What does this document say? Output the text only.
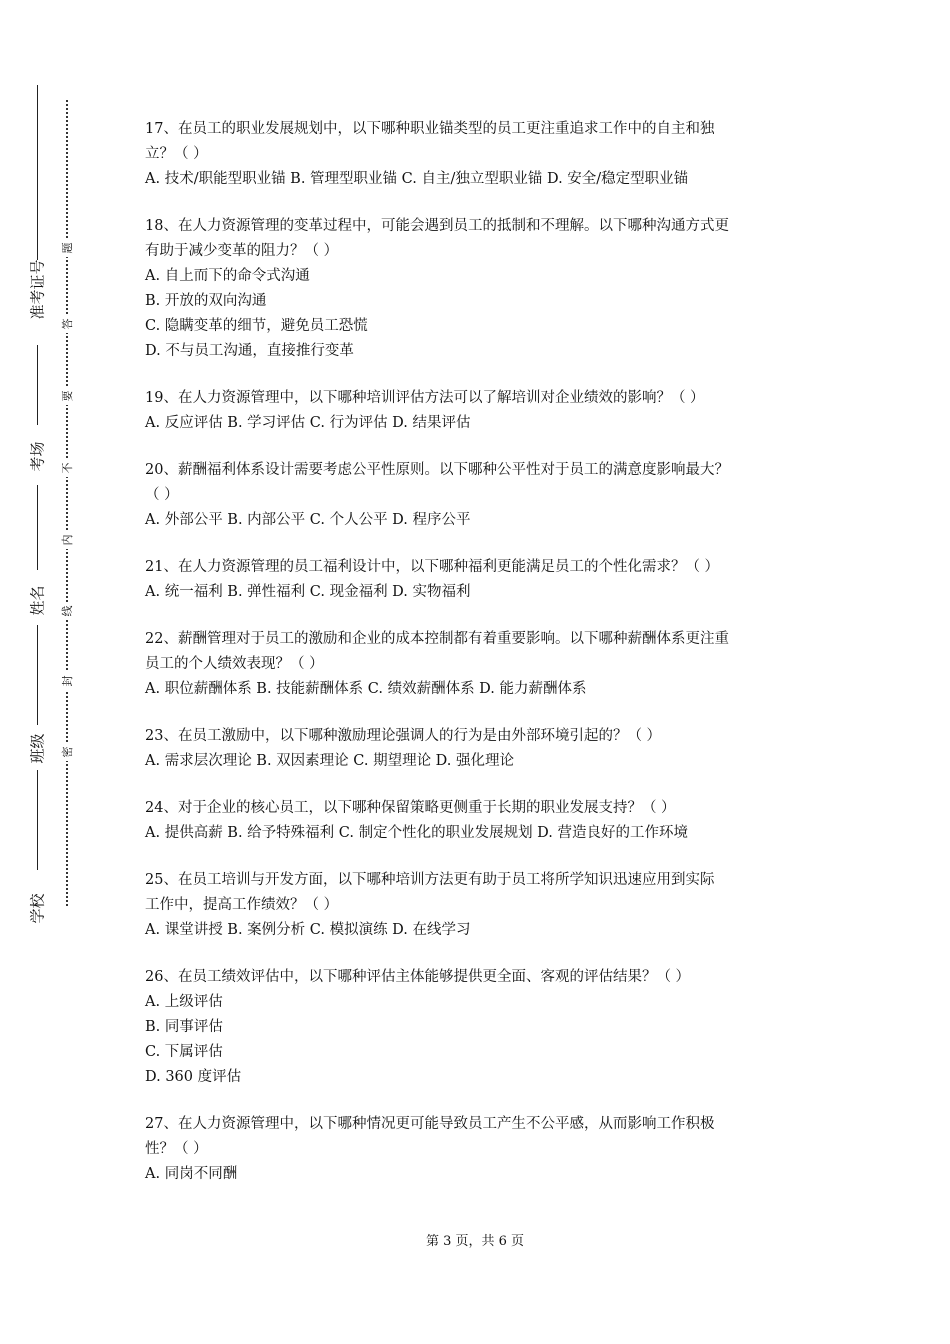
准考证号
考场
姓名
班级
学校
题
答
要
不
内
线
封
密
17、在员工的职业发展规划中，以下哪种职业锚类型的员工更注重追求工作中的自主和独
立？（ ）
A. 技术/职能型职业锚 B. 管理型职业锚 C. 自主/独立型职业锚 D. 安全/稳定型职业锚
18、在人力资源管理的变革过程中，可能会遇到员工的抵制和不理解。以下哪种沟通方式更
有助于减少变革的阻力？（ ）
A. 自上而下的命令式沟通
B. 开放的双向沟通
C. 隐瞒变革的细节，避免员工恐慌
D. 不与员工沟通，直接推行变革
19、在人力资源管理中，以下哪种培训评估方法可以了解培训对企业绩效的影响？（ ）
A. 反应评估 B. 学习评估 C. 行为评估 D. 结果评估
20、薪酬福利体系设计需要考虑公平性原则。以下哪种公平性对于员工的满意度影响最大？
（ ）
A. 外部公平 B. 内部公平 C. 个人公平 D. 程序公平
21、在人力资源管理的员工福利设计中，以下哪种福利更能满足员工的个性化需求？（ ）
A. 统一福利 B. 弹性福利 C. 现金福利 D. 实物福利
22、薪酬管理对于员工的激励和企业的成本控制都有着重要影响。以下哪种薪酬体系更注重
员工的个人绩效表现？（ ）
A. 职位薪酬体系 B. 技能薪酬体系 C. 绩效薪酬体系 D. 能力薪酬体系
23、在员工激励中，以下哪种激励理论强调人的行为是由外部环境引起的？（ ）
A. 需求层次理论 B. 双因素理论 C. 期望理论 D. 强化理论
24、对于企业的核心员工，以下哪种保留策略更侧重于长期的职业发展支持？（ ）
A. 提供高薪 B. 给予特殊福利 C. 制定个性化的职业发展规划 D. 营造良好的工作环境
25、在员工培训与开发方面，以下哪种培训方法更有助于员工将所学知识迅速应用到实际
工作中，提高工作绩效？（ ）
A. 课堂讲授 B. 案例分析 C. 模拟演练 D. 在线学习
26、在员工绩效评估中，以下哪种评估主体能够提供更全面、客观的评估结果？（ ）
A. 上级评估
B. 同事评估
C. 下属评估
D. 360 度评估
27、在人力资源管理中，以下哪种情况更可能导致员工产生不公平感，从而影响工作积极
性？（ ）
A. 同岗不同酬
第 3 页，共 6 页
